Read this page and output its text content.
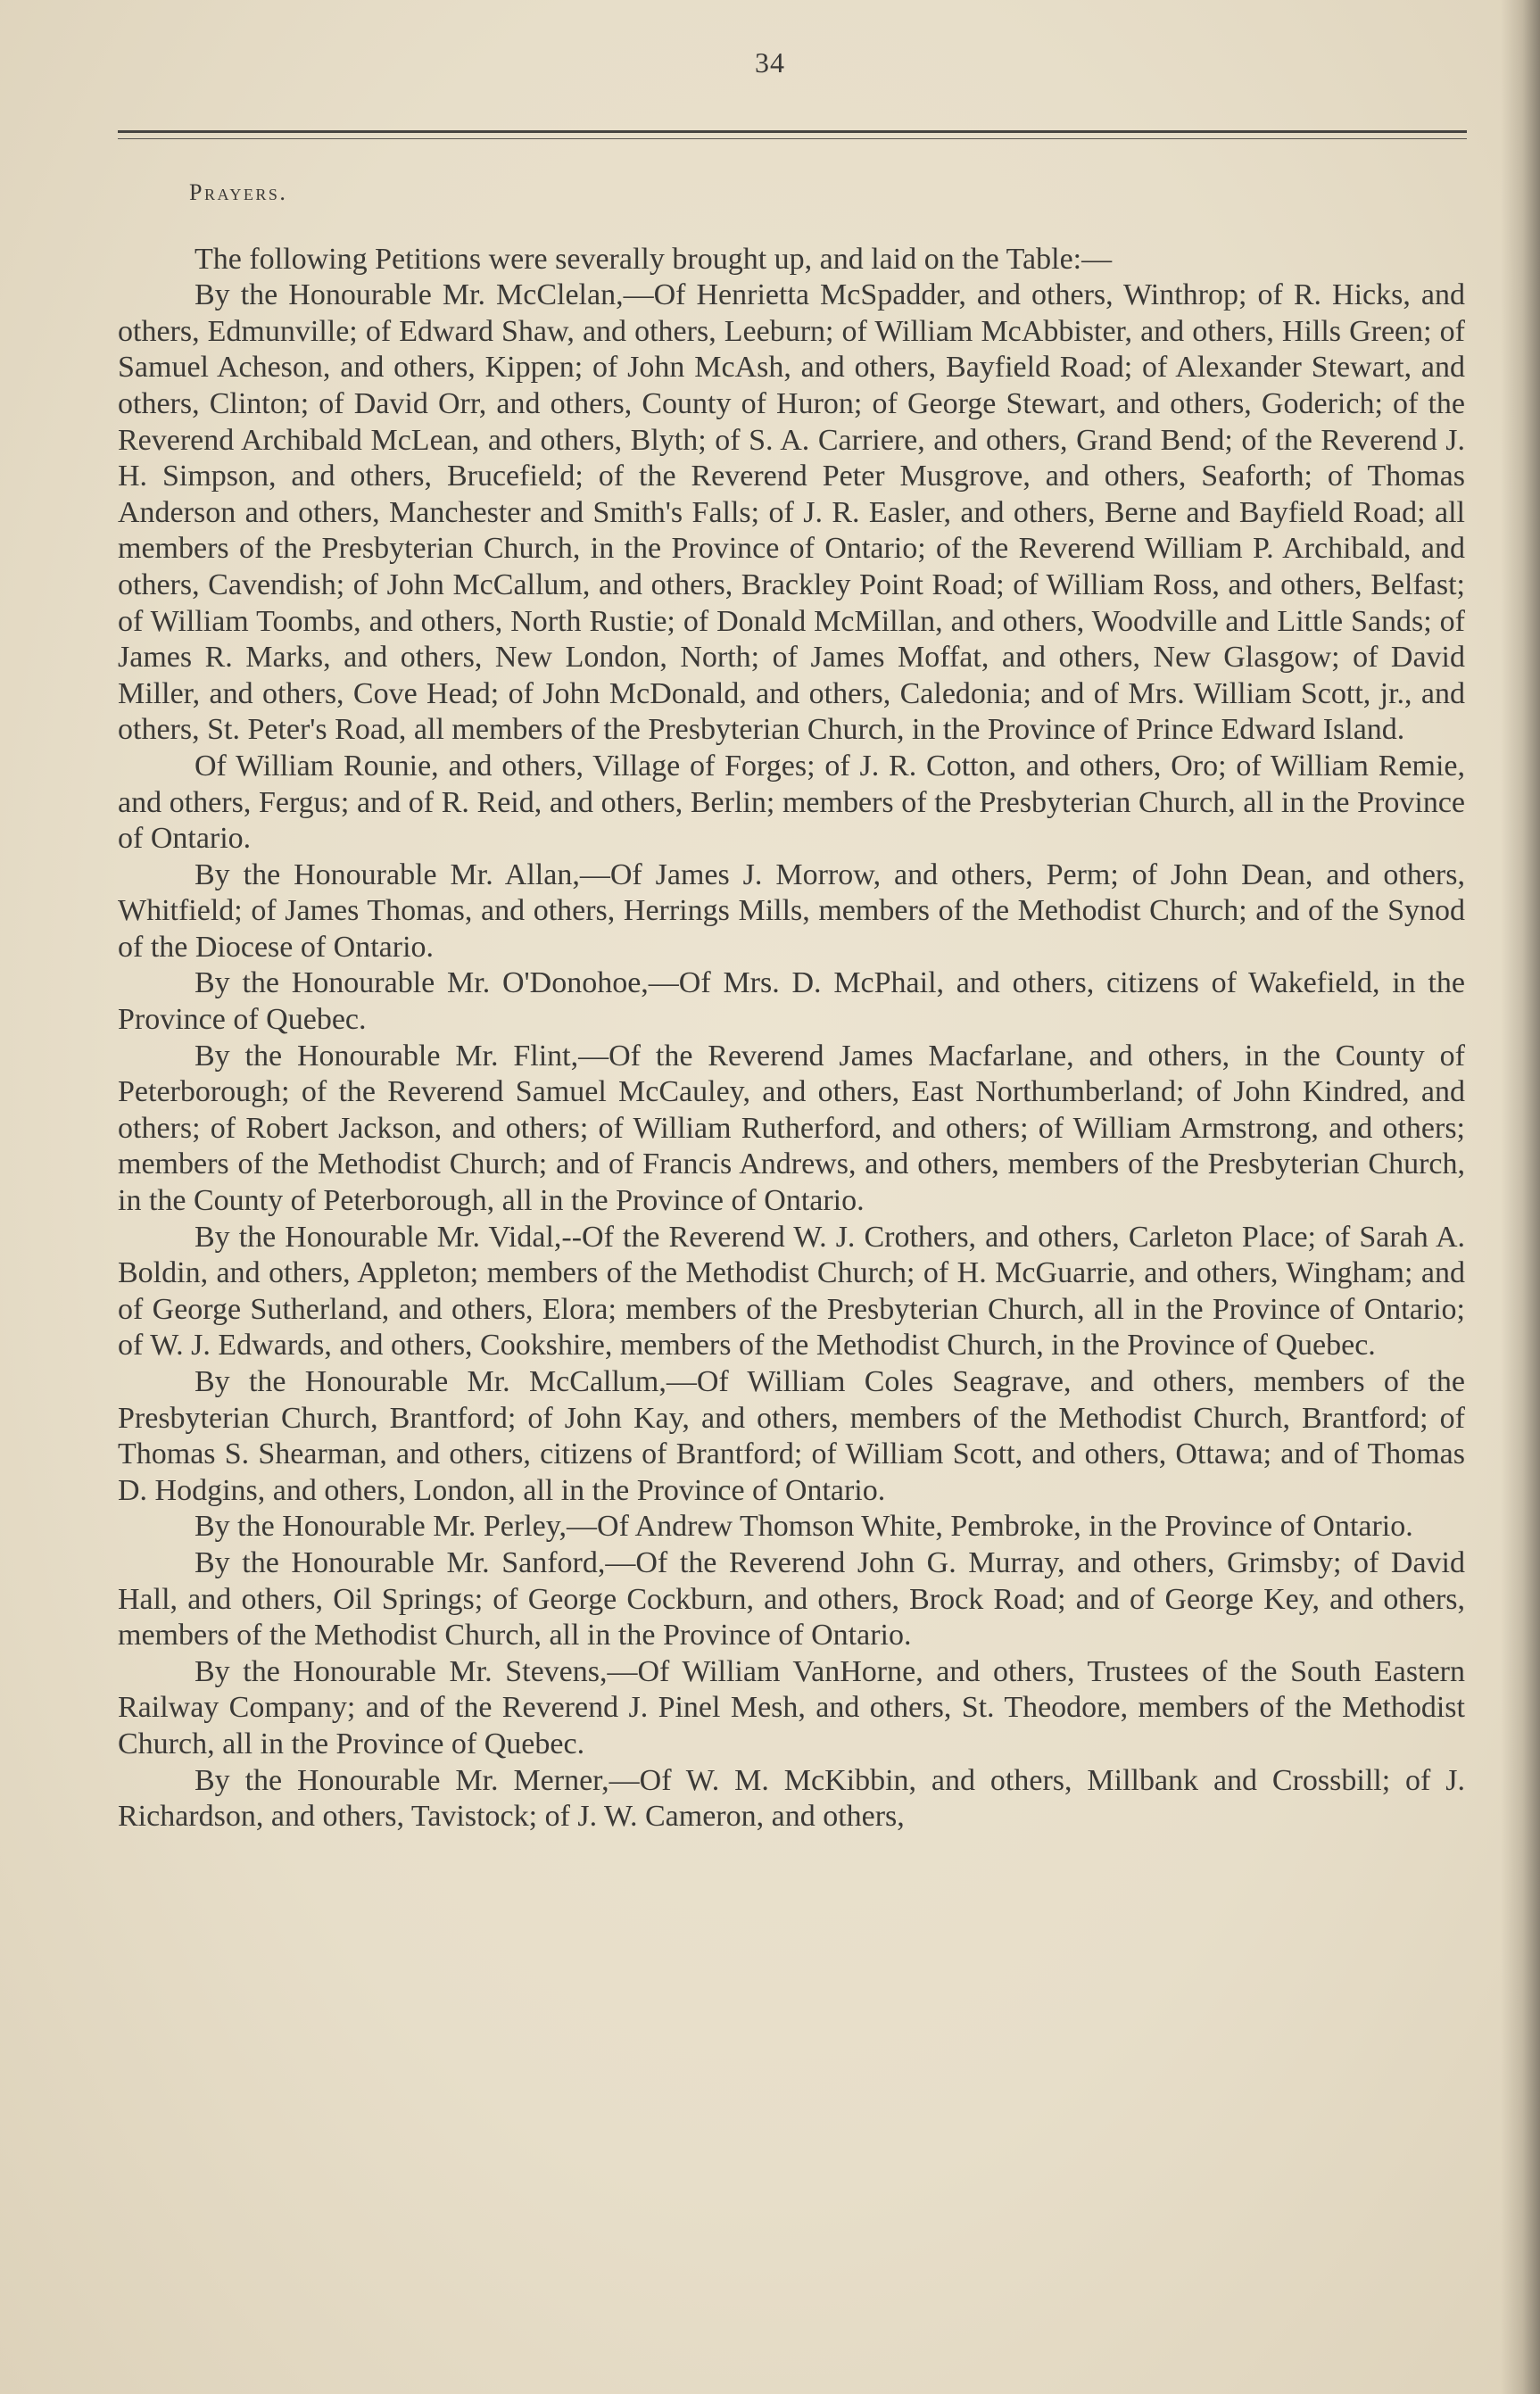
34

Prayers.

The following Petitions were severally brought up, and laid on the Table:—

By the Honourable Mr. McClelan,—Of Henrietta McSpadder, and others, Winthrop; of R. Hicks, and others, Edmunville; of Edward Shaw, and others, Leeburn; of William McAbbister, and others, Hills Green; of Samuel Acheson, and others, Kippen; of John McAsh, and others, Bayfield Road; of Alexander Stewart, and others, Clinton; of David Orr, and others, County of Huron; of George Stewart, and others, Goderich; of the Reverend Archibald McLean, and others, Blyth; of S. A. Carriere, and others, Grand Bend; of the Reverend J. H. Simpson, and others, Brucefield; of the Reverend Peter Musgrove, and others, Seaforth; of Thomas Anderson and others, Manchester and Smith's Falls; of J. R. Easler, and others, Berne and Bayfield Road; all members of the Presbyterian Church, in the Province of Ontario; of the Reverend William P. Archibald, and others, Cavendish; of John McCallum, and others, Brackley Point Road; of William Ross, and others, Belfast; of William Toombs, and others, North Rustie; of Donald McMillan, and others, Woodville and Little Sands; of James R. Marks, and others, New London, North; of James Moffat, and others, New Glasgow; of David Miller, and others, Cove Head; of John McDonald, and others, Caledonia; and of Mrs. William Scott, jr., and others, St. Peter's Road, all members of the Presbyterian Church, in the Province of Prince Edward Island.

Of William Rounie, and others, Village of Forges; of J. R. Cotton, and others, Oro; of William Remie, and others, Fergus; and of R. Reid, and others, Berlin; members of the Presbyterian Church, all in the Province of Ontario.

By the Honourable Mr. Allan,—Of James J. Morrow, and others, Perm; of John Dean, and others, Whitfield; of James Thomas, and others, Herrings Mills, members of the Methodist Church; and of the Synod of the Diocese of Ontario.

By the Honourable Mr. O'Donohoe,—Of Mrs. D. McPhail, and others, citizens of Wakefield, in the Province of Quebec.

By the Honourable Mr. Flint,—Of the Reverend James Macfarlane, and others, in the County of Peterborough; of the Reverend Samuel McCauley, and others, East Northumberland; of John Kindred, and others; of Robert Jackson, and others; of William Rutherford, and others; of William Armstrong, and others; members of the Methodist Church; and of Francis Andrews, and others, members of the Presbyterian Church, in the County of Peterborough, all in the Province of Ontario.

By the Honourable Mr. Vidal,--Of the Reverend W. J. Crothers, and others, Carleton Place; of Sarah A. Boldin, and others, Appleton; members of the Methodist Church; of H. McGuarrie, and others, Wingham; and of George Sutherland, and others, Elora; members of the Presbyterian Church, all in the Province of Ontario; of W. J. Edwards, and others, Cookshire, members of the Methodist Church, in the Province of Quebec.

By the Honourable Mr. McCallum,—Of William Coles Seagrave, and others, members of the Presbyterian Church, Brantford; of John Kay, and others, members of the Methodist Church, Brantford; of Thomas S. Shearman, and others, citizens of Brantford; of William Scott, and others, Ottawa; and of Thomas D. Hodgins, and others, London, all in the Province of Ontario.

By the Honourable Mr. Perley,—Of Andrew Thomson White, Pembroke, in the Province of Ontario.

By the Honourable Mr. Sanford,—Of the Reverend John G. Murray, and others, Grimsby; of David Hall, and others, Oil Springs; of George Cockburn, and others, Brock Road; and of George Key, and others, members of the Methodist Church, all in the Province of Ontario.

By the Honourable Mr. Stevens,—Of William VanHorne, and others, Trustees of the South Eastern Railway Company; and of the Reverend J. Pinel Mesh, and others, St. Theodore, members of the Methodist Church, all in the Province of Quebec.

By the Honourable Mr. Merner,—Of W. M. McKibbin, and others, Millbank and Crossbill; of J. Richardson, and others, Tavistock; of J. W. Cameron, and others,
